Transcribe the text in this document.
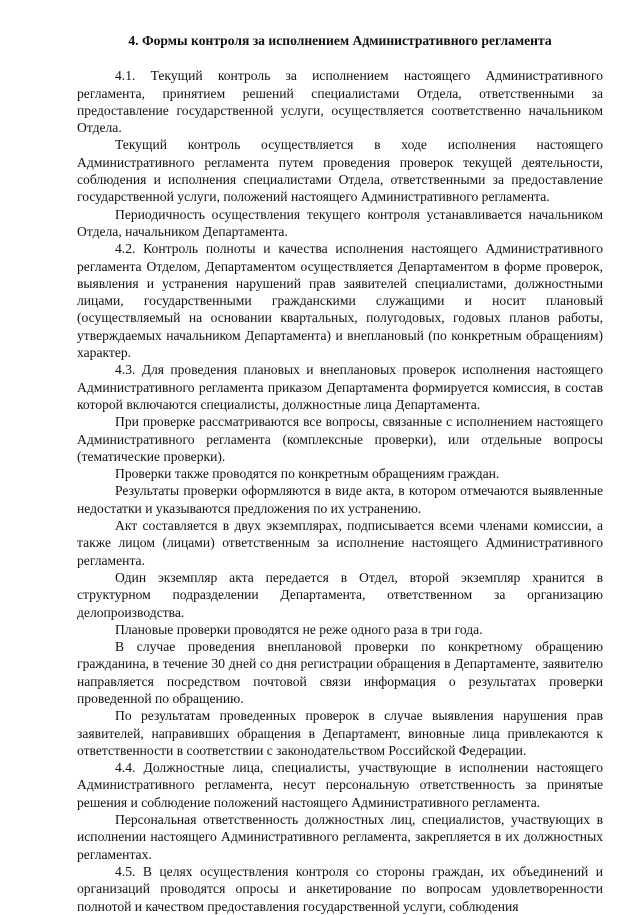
4. Формы контроля за исполнением Административного регламента

4.1. Текущий контроль за исполнением настоящего Административного регламента, принятием решений специалистами Отдела, ответственными за предоставление государственной услуги, осуществляется соответственно начальником Отдела.

Текущий контроль осуществляется в ходе исполнения настоящего Административного регламента путем проведения проверок текущей деятельности, соблюдения и исполнения специалистами Отдела, ответственными за предоставление государственной услуги, положений настоящего Административного регламента.

Периодичность осуществления текущего контроля устанавливается начальником Отдела, начальником Департамента.

4.2. Контроль полноты и качества исполнения настоящего Административного регламента Отделом, Департаментом осуществляется Департаментом в форме проверок, выявления и устранения нарушений прав заявителей специалистами, должностными лицами, государственными гражданскими служащими и носит плановый (осуществляемый на основании квартальных, полугодовых, годовых планов работы, утверждаемых начальником Департамента) и внеплановый (по конкретным обращениям) характер.

4.3. Для проведения плановых и внеплановых проверок исполнения настоящего Административного регламента приказом Департамента формируется комиссия, в состав которой включаются специалисты, должностные лица Департамента.

При проверке рассматриваются все вопросы, связанные с исполнением настоящего Административного регламента (комплексные проверки), или отдельные вопросы (тематические проверки).

Проверки также проводятся по конкретным обращениям граждан.

Результаты проверки оформляются в виде акта, в котором отмечаются выявленные недостатки и указываются предложения по их устранению.

Акт составляется в двух экземплярах, подписывается всеми членами комиссии, а также лицом (лицами) ответственным за исполнение настоящего Административного регламента.

Один экземпляр акта передается в Отдел, второй экземпляр хранится в структурном подразделении Департамента, ответственном за организацию делопроизводства.

Плановые проверки проводятся не реже одного раза в три года.

В случае проведения внеплановой проверки по конкретному обращению гражданина, в течение 30 дней со дня регистрации обращения в Департаменте, заявителю направляется посредством почтовой связи информация о результатах проверки проведенной по обращению.

По результатам проведенных проверок в случае выявления нарушения прав заявителей, направивших обращения в Департамент, виновные лица привлекаются к ответственности в соответствии с законодательством Российской Федерации.

4.4. Должностные лица, специалисты, участвующие в исполнении настоящего Административного регламента, несут персональную ответственность за принятые решения и соблюдение положений настоящего Административного регламента.

Персональная ответственность должностных лиц, специалистов, участвующих в исполнении настоящего Административного регламента, закрепляется в их должностных регламентах.

4.5. В целях осуществления контроля со стороны граждан, их объединений и организаций проводятся опросы и анкетирование по вопросам удовлетворенности полнотой и качеством предоставления государственной услуги, соблюдения
